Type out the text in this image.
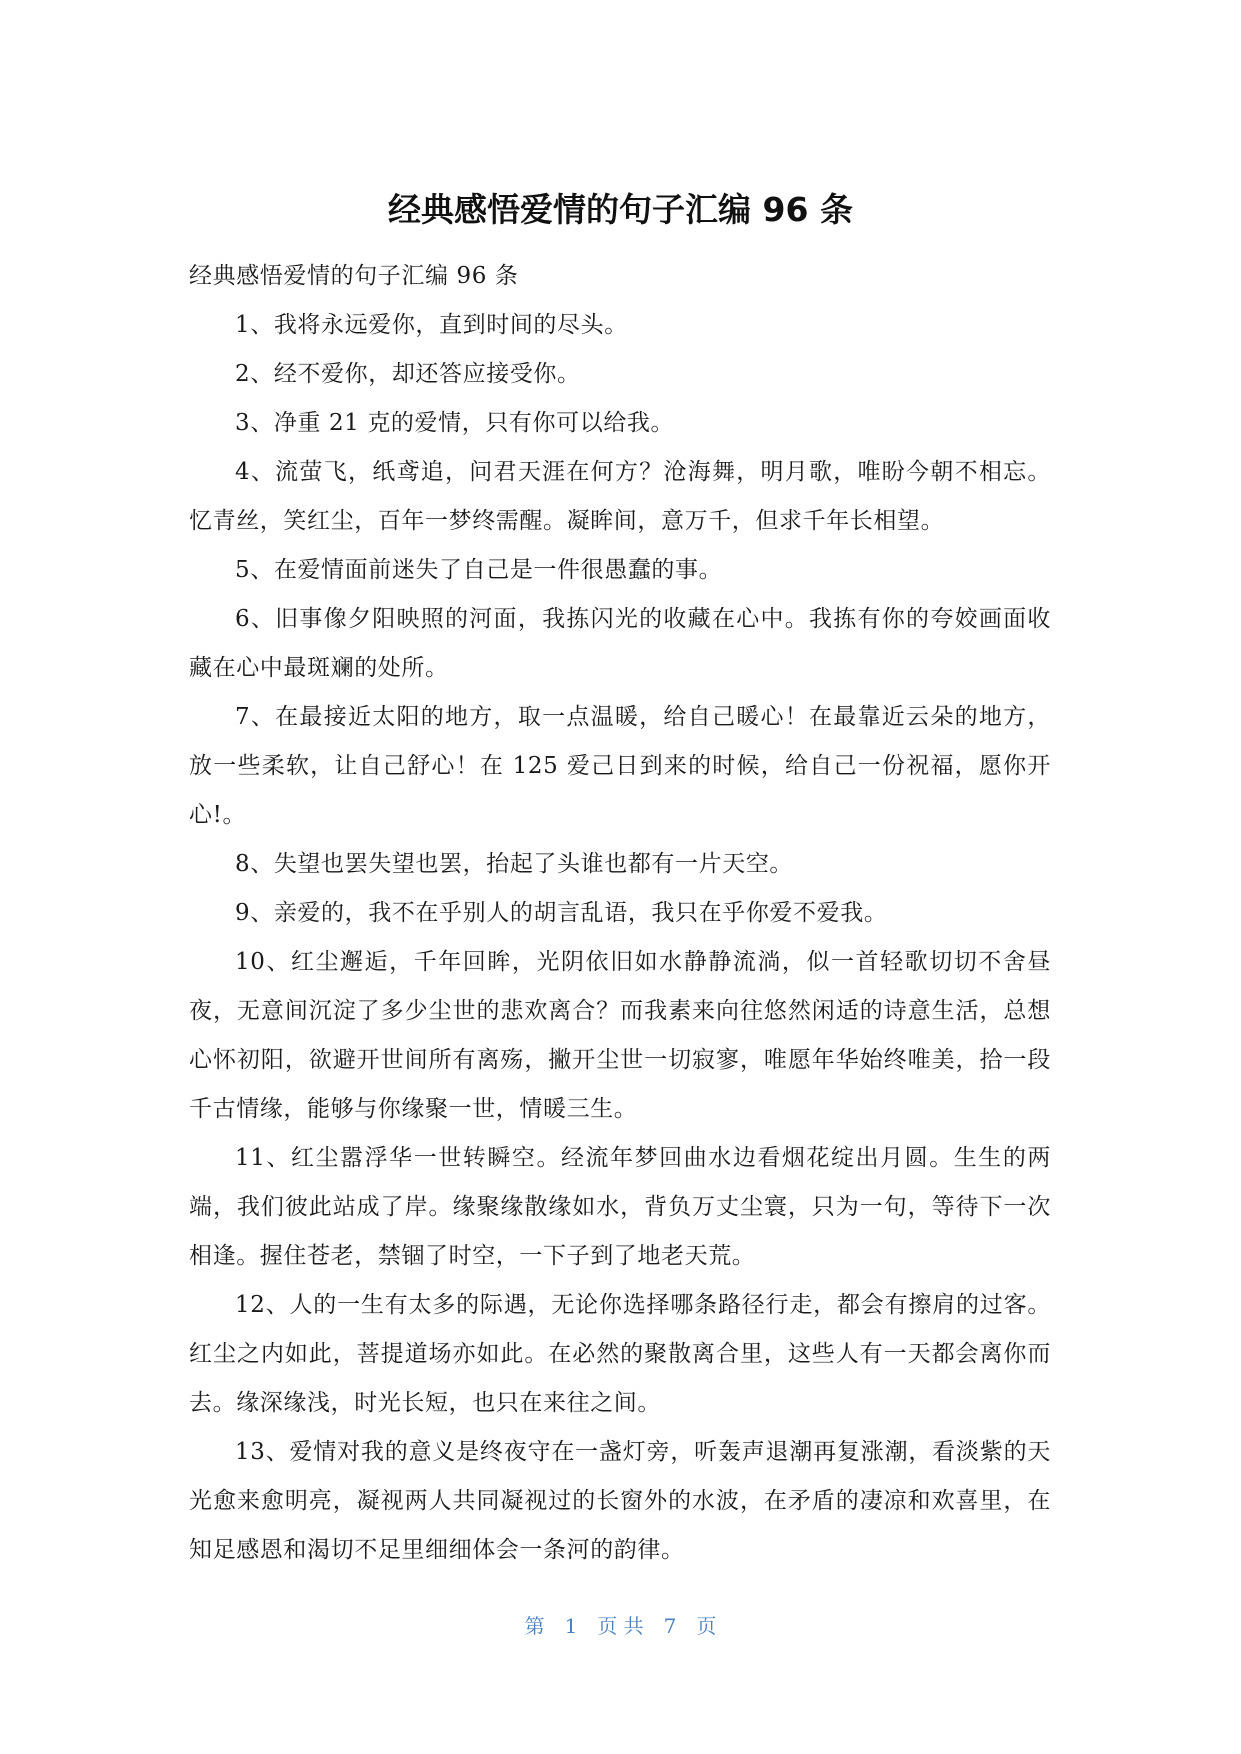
经典感悟爱情的句子汇编 96 条

经典感悟爱情的句子汇编 96 条

1、我将永远爱你，直到时间的尽头。

2、经不爱你，却还答应接受你。

3、净重 21 克的爱情，只有你可以给我。

4、流萤飞，纸鸢追，问君天涯在何方？沧海舞，明月歌，唯盼今朝不相忘。忆青丝，笑红尘，百年一梦终需醒。凝眸间，意万千，但求千年长相望。

5、在爱情面前迷失了自己是一件很愚蠢的事。

6、旧事像夕阳映照的河面，我拣闪光的收藏在心中。我拣有你的夸姣画面收藏在心中最斑斓的处所。

7、在最接近太阳的地方，取一点温暖，给自己暖心！在最靠近云朵的地方，放一些柔软，让自己舒心！在 125 爱己日到来的时候，给自己一份祝福，愿你开心!。

8、失望也罢失望也罢，抬起了头谁也都有一片天空。

9、亲爱的，我不在乎别人的胡言乱语，我只在乎你爱不爱我。

10、红尘邂逅，千年回眸，光阴依旧如水静静流淌，似一首轻歌切切不舍昼夜，无意间沉淀了多少尘世的悲欢离合？而我素来向往悠然闲适的诗意生活，总想心怀初阳，欲避开世间所有离殇，撇开尘世一切寂寥，唯愿年华始终唯美，拾一段千古情缘，能够与你缘聚一世，情暖三生。

11、红尘嚣浮华一世转瞬空。经流年梦回曲水边看烟花绽出月圆。生生的两端，我们彼此站成了岸。缘聚缘散缘如水，背负万丈尘寰，只为一句，等待下一次相逢。握住苍老，禁锢了时空，一下子到了地老天荒。

12、人的一生有太多的际遇，无论你选择哪条路径行走，都会有擦肩的过客。红尘之内如此，菩提道场亦如此。在必然的聚散离合里，这些人有一天都会离你而去。缘深缘浅，时光长短，也只在来往之间。

13、爱情对我的意义是终夜守在一盏灯旁，听轰声退潮再复涨潮，看淡紫的天光愈来愈明亮，凝视两人共同凝视过的长窗外的水波，在矛盾的凄凉和欢喜里，在知足感恩和渴切不足里细细体会一条河的韵律。

第 1 页 共 7 页
